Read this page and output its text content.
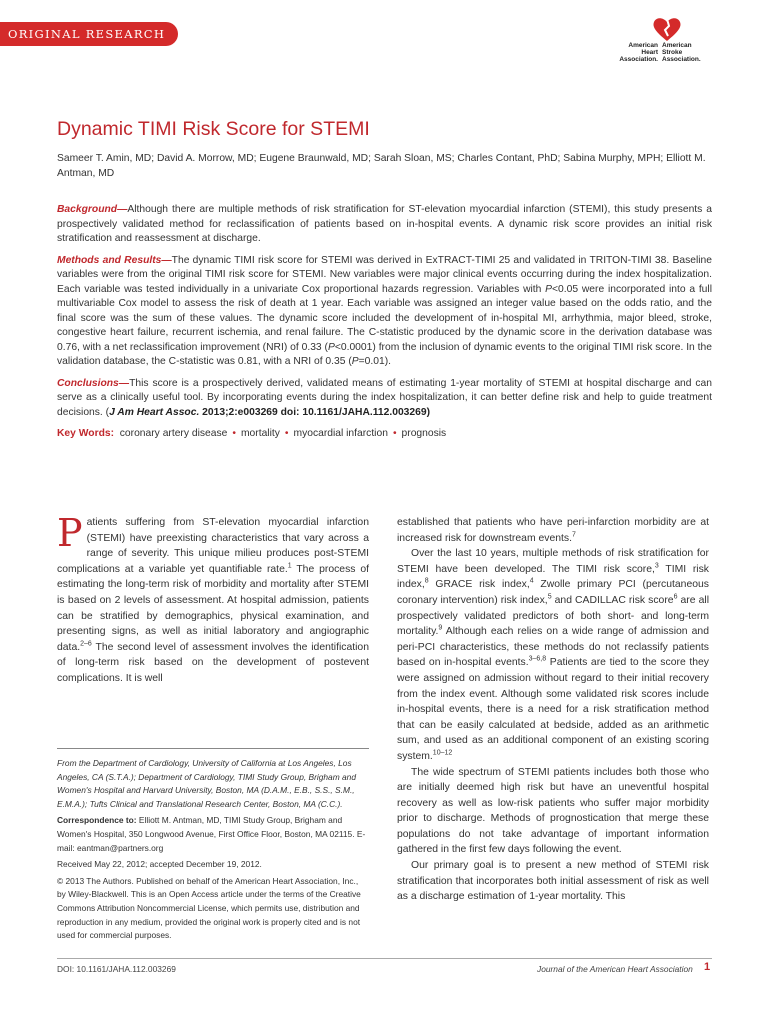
ORIGINAL RESEARCH
American
Heart
Association.
American
Stroke
Association.
Dynamic TIMI Risk Score for STEMI
Sameer T. Amin, MD; David A. Morrow, MD; Eugene Braunwald, MD; Sarah Sloan, MS; Charles Contant, PhD; Sabina Murphy, MPH; Elliott M. Antman, MD

Background—Although there are multiple methods of risk stratification for ST-elevation myocardial infarction (STEMI), this study presents a prospectively validated method for reclassification of patients based on in-hospital events. A dynamic risk score provides an initial risk stratification and reassessment at discharge.

Methods and Results—The dynamic TIMI risk score for STEMI was derived in ExTRACT-TIMI 25 and validated in TRITON-TIMI 38. Baseline variables were from the original TIMI risk score for STEMI. New variables were major clinical events occurring during the index hospitalization. Each variable was tested individually in a univariate Cox proportional hazards regression. Variables with P<0.05 were incorporated into a full multivariable Cox model to assess the risk of death at 1 year. Each variable was assigned an integer value based on the odds ratio, and the final score was the sum of these values. The dynamic score included the development of in-hospital MI, arrhythmia, major bleed, stroke, congestive heart failure, recurrent ischemia, and renal failure. The C-statistic produced by the dynamic score in the derivation database was 0.76, with a net reclassification improvement (NRI) of 0.33 (P<0.0001) from the inclusion of dynamic events to the original TIMI risk score. In the validation database, the C-statistic was 0.81, with a NRI of 0.35 (P=0.01).

Conclusions—This score is a prospectively derived, validated means of estimating 1-year mortality of STEMI at hospital discharge and can serve as a clinically useful tool. By incorporating events during the index hospitalization, it can better define risk and help to guide treatment decisions. (J Am Heart Assoc. 2013;2:e003269 doi: 10.1161/JAHA.112.003269)

Key Words: coronary artery disease • mortality • myocardial infarction • prognosis

Patients suffering from ST-elevation myocardial infarction (STEMI) have preexisting characteristics that vary across a range of severity. This unique milieu produces post-STEMI complications at a variable yet quantifiable rate.$^1$ The process of estimating the long-term risk of morbidity and mortality after STEMI is based on 2 levels of assessment. At hospital admission, patients can be stratified by demographics, physical examination, and presenting signs, as well as initial laboratory and angiographic data.$^{2-6}$ The second level of assessment involves the identification of long-term risk based on the development of postevent complications. It is well

From the Department of Cardiology, University of California at Los Angeles, Los Angeles, CA (S.T.A.); Department of Cardiology, TIMI Study Group, Brigham and Women's Hospital and Harvard University, Boston, MA (D.A.M., E.B., S.S., S.M., E.M.A.); Tufts Clinical and Translational Research Center, Boston, MA (C.C.).

Correspondence to: Elliott M. Antman, MD, TIMI Study Group, Brigham and Women's Hospital, 350 Longwood Avenue, First Office Floor, Boston, MA 02115. E-mail: eantman@partners.org

Received May 22, 2012; accepted December 19, 2012.

© 2013 The Authors. Published on behalf of the American Heart Association, Inc., by Wiley-Blackwell. This is an Open Access article under the terms of the Creative Commons Attribution Noncommercial License, which permits use, distribution and reproduction in any medium, provided the original work is properly cited and is not used for commercial purposes.

established that patients who have peri-infarction morbidity are at increased risk for downstream events.$^7$

Over the last 10 years, multiple methods of risk stratification for STEMI have been developed. The TIMI risk score,$^3$ TIMI risk index,$^8$ GRACE risk index,$^4$ Zwolle primary PCI (percutaneous coronary intervention) risk index,$^5$ and CADILLAC risk score$^6$ are all prospectively validated predictors of both short- and long-term mortality.$^9$ Although each relies on a wide range of admission and peri-PCI characteristics, these methods do not reclassify patients based on in-hospital events.$^{3-6,8}$ Patients are tied to the score they were assigned on admission without regard to their initial recovery from the index event. Although some validated risk scores include in-hospital events, there is a need for a risk stratification method that can be easily calculated at bedside, added as an arithmetic sum, and used as an additional component of an existing scoring system.$^{10-12}$

The wide spectrum of STEMI patients includes both those who are initially deemed high risk but have an uneventful hospital recovery as well as low-risk patients who suffer major morbidity prior to discharge. Methods of prognostication that merge these populations do not take advantage of important information gathered in the first few days following the event.

Our primary goal is to present a new method of STEMI risk stratification that incorporates both initial assessment of risk as well as a discharge estimation of 1-year mortality. This

DOI: 10.1161/JAHA.112.003269	Journal of the American Heart Association 1
